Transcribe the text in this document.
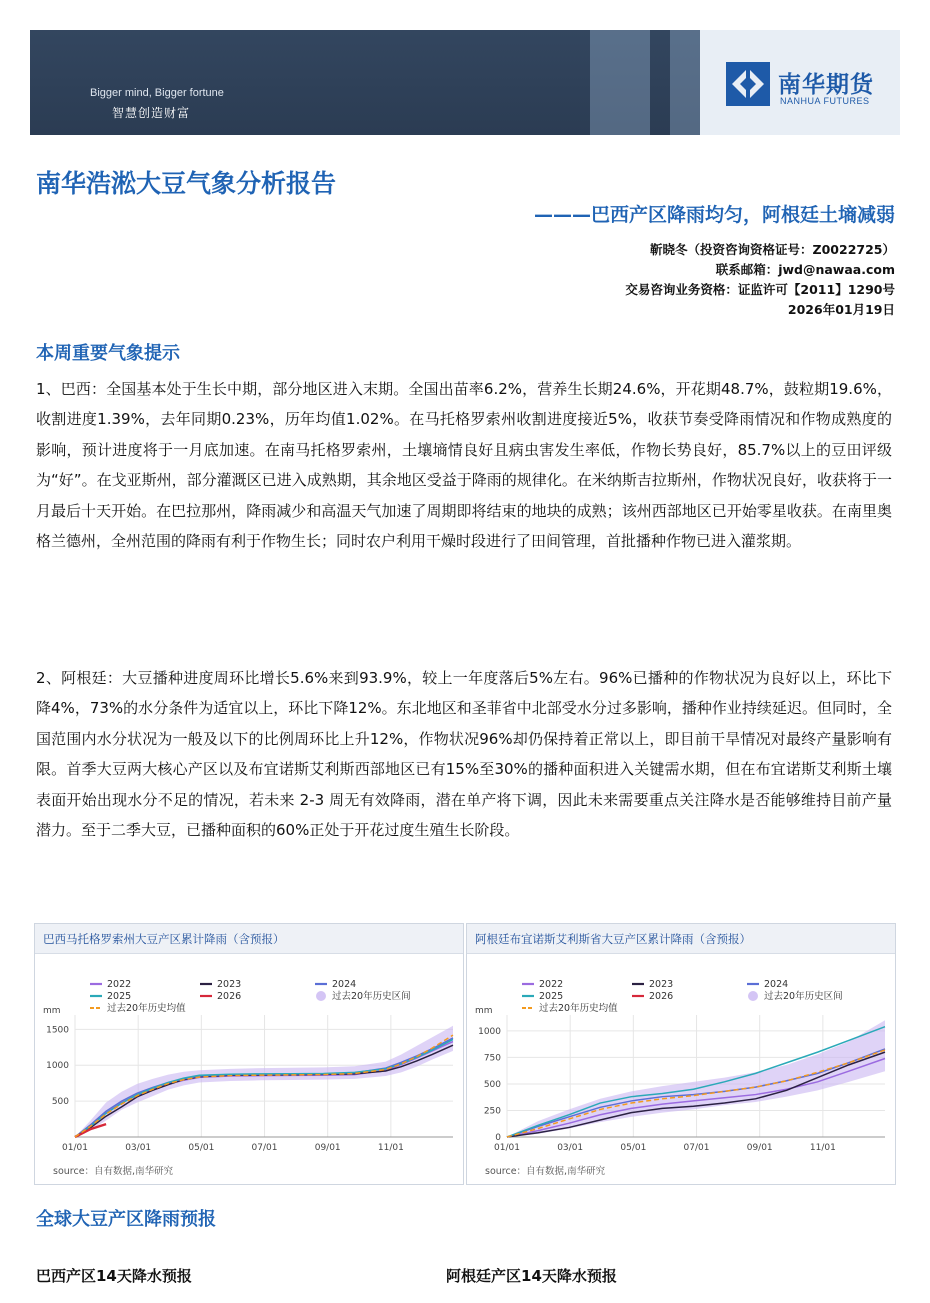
Bigger mind, Bigger fortune
智慧创造财富
南华期货
NANHUA FUTURES
南华浩淞大豆气象分析报告
———巴西产区降雨均匀，阿根廷土墒减弱
靳晓冬（投资咨询资格证号：Z0022725）
联系邮箱：jwd@nawaa.com
交易咨询业务资格：证监许可【2011】1290号
2026年01月19日
本周重要气象提示
1、巴西：全国基本处于生长中期，部分地区进入末期。全国出苗率6.2%，营养生长期24.6%，开花期48.7%，鼓粒期19.6%，收割进度1.39%，去年同期0.23%，历年均值1.02%。在马托格罗索州收割进度接近5%，收获节奏受降雨情况和作物成熟度的影响，预计进度将于一月底加速。在南马托格罗索州，土壤墒情良好且病虫害发生率低，作物长势良好，85.7%以上的豆田评级为“好”。在戈亚斯州，部分灌溉区已进入成熟期，其余地区受益于降雨的规律化。在米纳斯吉拉斯州，作物状况良好，收获将于一月最后十天开始。在巴拉那州，降雨减少和高温天气加速了周期即将结束的地块的成熟；该州西部地区已开始零星收获。在南里奥格兰德州，全州范围的降雨有利于作物生长；同时农户利用干燥时段进行了田间管理，首批播种作物已进入灌浆期。
2、阿根廷：大豆播种进度周环比增长5.6%来到93.9%，较上一年度落后5%左右。96%已播种的作物状况为良好以上，环比下降4%，73%的水分条件为适宜以上，环比下降12%。东北地区和圣菲省中北部受水分过多影响，播种作业持续延迟。但同时，全国范围内水分状况为一般及以下的比例周环比上升12%，作物状况96%却仍保持着正常以上，即目前干旱情况对最终产量影响有限。首季大豆两大核心产区以及布宜诺斯艾利斯西部地区已有15%至30%的播种面积进入关键需水期，但在布宜诺斯艾利斯土壤表面开始出现水分不足的情况，若未来 2-3 周无有效降雨，潜在单产将下调，因此未来需要重点关注降水是否能够维持目前产量潜力。至于二季大豆，已播种面积的60%正处于开花过度生殖生长阶段。
巴西马托格罗索州大豆产区累计降雨（含预报）
2022	2023	2024
2025	2026	过去20年历史区间
过去20年历史均值
mm
500
1000
1500
01/01	03/01	05/01	07/01	09/01	11/01
source：自有数据,南华研究
阿根廷布宜诺斯艾利斯省大豆产区累计降雨（含预报）
2022	2023	2024
2025	2026	过去20年历史区间
过去20年历史均值
mm
0
250
500
750
1000
01/01	03/01	05/01	07/01	09/01	11/01
source：自有数据,南华研究
全球大豆产区降雨预报
巴西产区14天降水预报	阿根廷产区14天降水预报
